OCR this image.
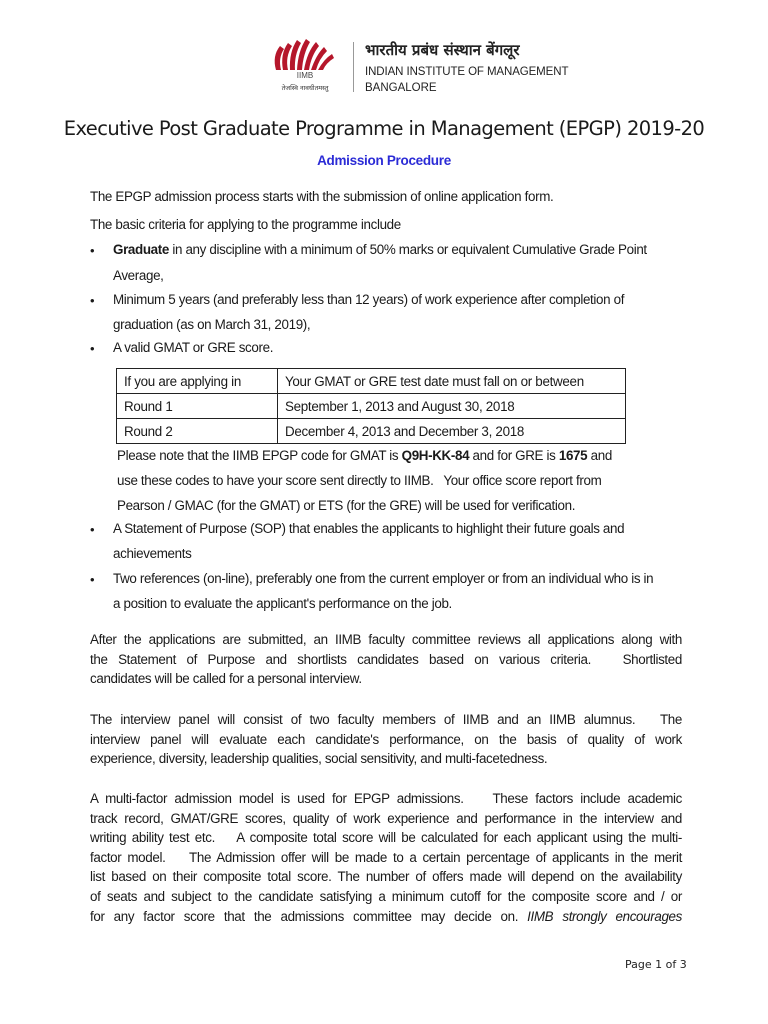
IIMB
तेजस्वि नावधीतमस्तु
भारतीय प्रबंध संस्थान बेंगलूर
INDIAN INSTITUTE OF MANAGEMENT
BANGALORE
Executive Post Graduate Programme in Management (EPGP) 2019-20
Admission Procedure
The EPGP admission process starts with the submission of online application form.
The basic criteria for applying to the programme include
• Graduate in any discipline with a minimum of 50% marks or equivalent Cumulative Grade Point
Average,
• Minimum 5 years (and preferably less than 12 years) of work experience after completion of
graduation (as on March 31, 2019),
• A valid GMAT or GRE score.
If you are applying in	Your GMAT or GRE test date must fall on or between
Round 1	September 1, 2013 and August 30, 2018
Round 2	December 4, 2013 and December 3, 2018
Please note that the IIMB EPGP code for GMAT is Q9H-KK-84 and for GRE is 1675 and
use these codes to have your score sent directly to IIMB.   Your office score report from
Pearson / GMAC (for the GMAT) or ETS (for the GRE) will be used for verification.
• A Statement of Purpose (SOP) that enables the applicants to highlight their future goals and
achievements
• Two references (on-line), preferably one from the current employer or from an individual who is in
a position to evaluate the applicant's performance on the job.
After the applications are submitted, an IIMB faculty committee reviews all applications along with
the Statement of Purpose and shortlists candidates based on various criteria.   Shortlisted
candidates will be called for a personal interview.
The interview panel will consist of two faculty members of IIMB and an IIMB alumnus.   The
interview panel will evaluate each candidate's performance, on the basis of quality of work
experience, diversity, leadership qualities, social sensitivity, and multi-facetedness.
A multi-factor admission model is used for EPGP admissions.    These factors include academic
track record, GMAT/GRE scores, quality of work experience and performance in the interview and
writing ability test etc.    A composite total score will be calculated for each applicant using the multi-
factor model.    The Admission offer will be made to a certain percentage of applicants in the merit
list based on their composite total score. The number of offers made will depend on the availability
of seats and subject to the candidate satisfying a minimum cutoff for the composite score and / or
for any factor score that the admissions committee may decide on. IIMB strongly encourages
Page 1 of 3
